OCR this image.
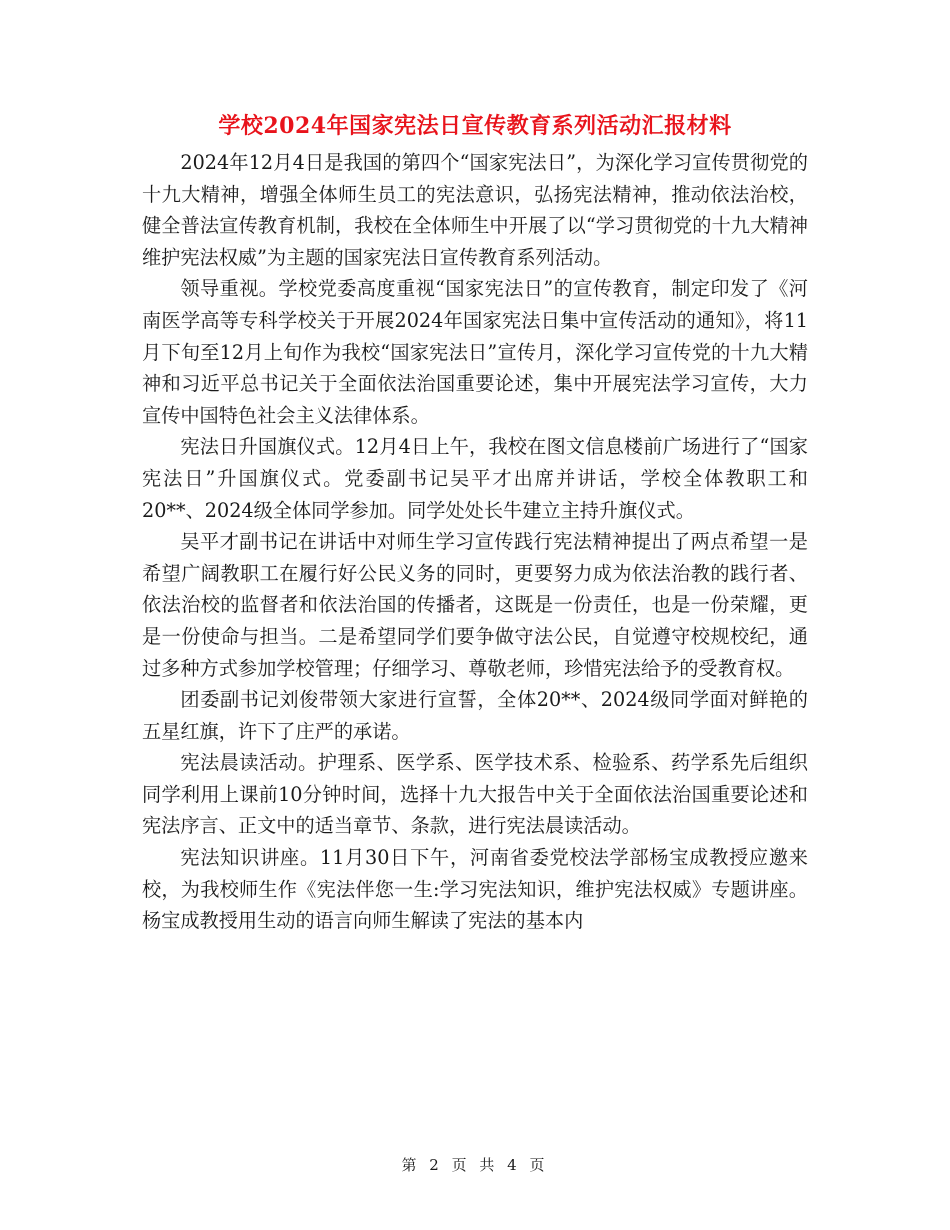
学校2024年国家宪法日宣传教育系列活动汇报材料

2024年12月4日是我国的第四个“国家宪法日”，为深化学习宣传贯彻党的十九大精神，增强全体师生员工的宪法意识，弘扬宪法精神，推动依法治校，健全普法宣传教育机制，我校在全体师生中开展了以“学习贯彻党的十九大精神维护宪法权威”为主题的国家宪法日宣传教育系列活动。

领导重视。学校党委高度重视“国家宪法日”的宣传教育，制定印发了《河南医学高等专科学校关于开展2024年国家宪法日集中宣传活动的通知》，将11月下旬至12月上旬作为我校“国家宪法日”宣传月，深化学习宣传党的十九大精神和习近平总书记关于全面依法治国重要论述，集中开展宪法学习宣传，大力宣传中国特色社会主义法律体系。

宪法日升国旗仪式。12月4日上午，我校在图文信息楼前广场进行了“国家宪法日”升国旗仪式。党委副书记吴平才出席并讲话，学校全体教职工和20**、2024级全体同学参加。同学处处长牛建立主持升旗仪式。

吴平才副书记在讲话中对师生学习宣传践行宪法精神提出了两点希望一是希望广阔教职工在履行好公民义务的同时，更要努力成为依法治教的践行者、依法治校的监督者和依法治国的传播者，这既是一份责任，也是一份荣耀，更是一份使命与担当。二是希望同学们要争做守法公民，自觉遵守校规校纪，通过多种方式参加学校管理；仔细学习、尊敬老师，珍惜宪法给予的受教育权。

团委副书记刘俊带领大家进行宣誓，全体20**、2024级同学面对鲜艳的五星红旗，许下了庄严的承诺。

宪法晨读活动。护理系、医学系、医学技术系、检验系、药学系先后组织同学利用上课前10分钟时间，选择十九大报告中关于全面依法治国重要论述和宪法序言、正文中的适当章节、条款，进行宪法晨读活动。

宪法知识讲座。11月30日下午，河南省委党校法学部杨宝成教授应邀来校，为我校师生作《宪法伴您一生:学习宪法知识，维护宪法权威》专题讲座。杨宝成教授用生动的语言向师生解读了宪法的基本内

第 2 页 共 4 页
